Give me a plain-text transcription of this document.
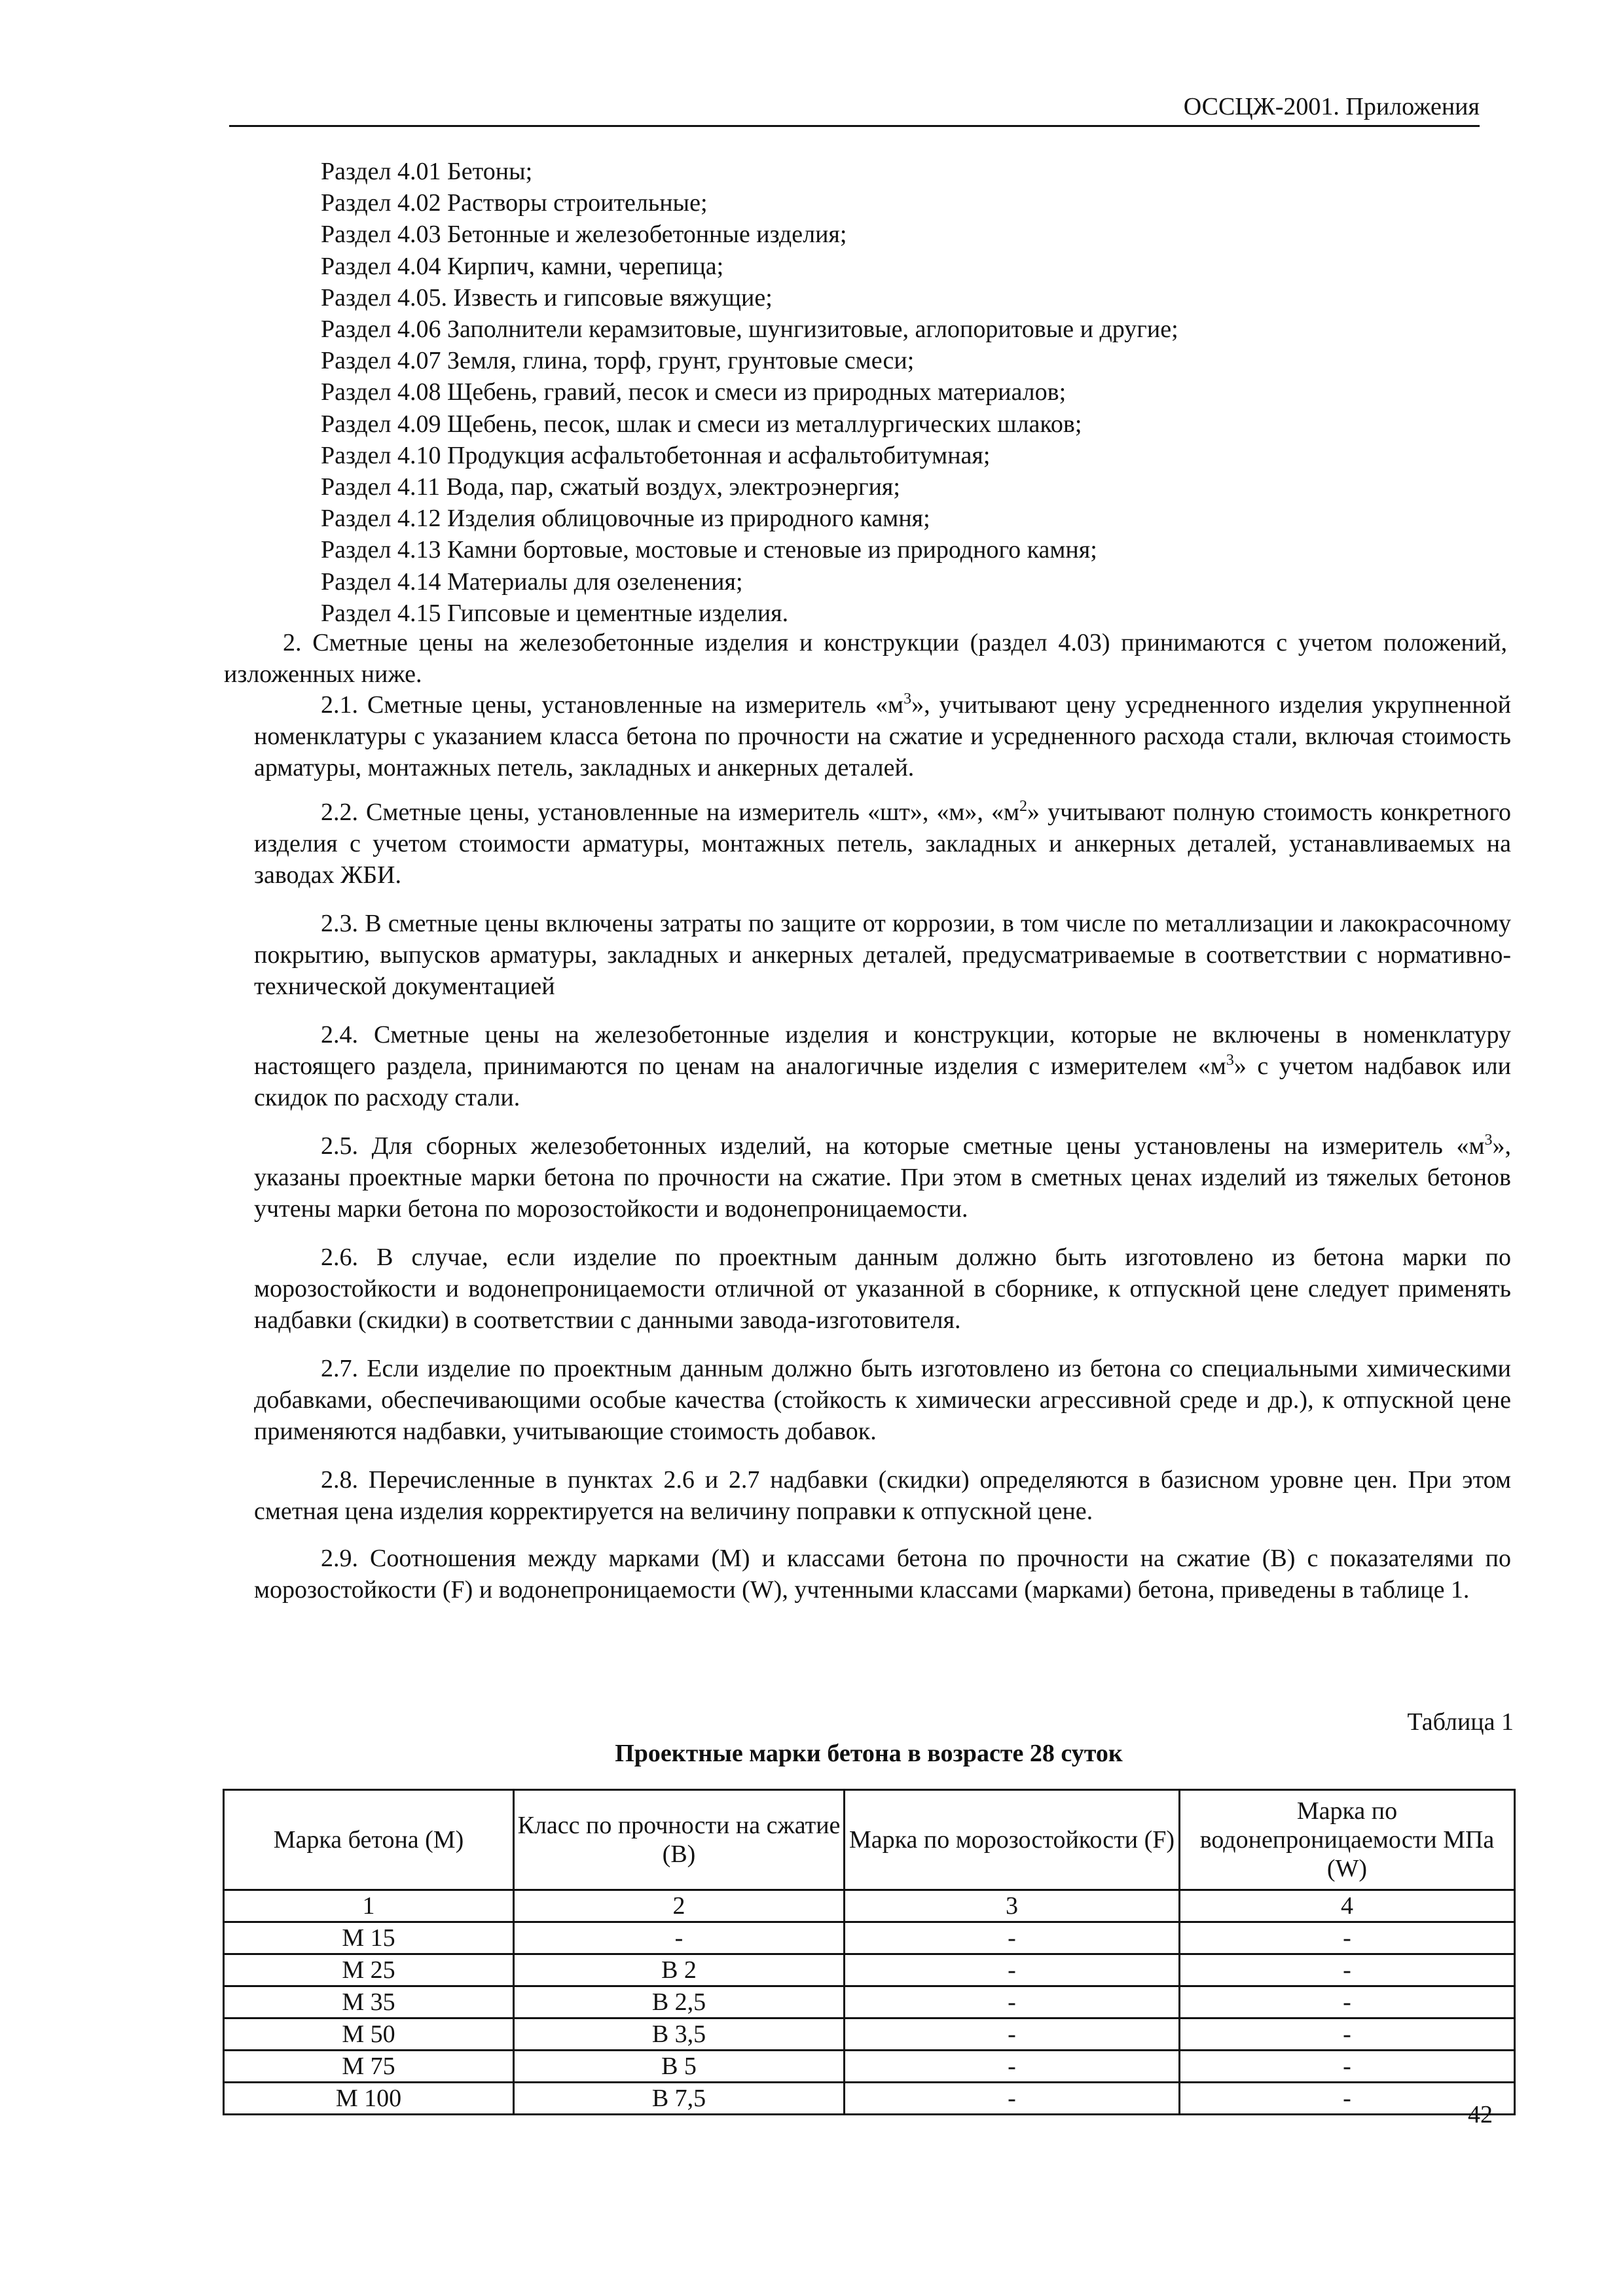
ОССЦЖ-2001. Приложения
Раздел 4.01 Бетоны;
Раздел 4.02 Растворы строительные;
Раздел 4.03 Бетонные и железобетонные изделия;
Раздел 4.04 Кирпич, камни, черепица;
Раздел 4.05. Известь и гипсовые вяжущие;
Раздел 4.06 Заполнители керамзитовые, шунгизитовые, аглопоритовые и другие;
Раздел 4.07 Земля, глина, торф, грунт, грунтовые смеси;
Раздел 4.08 Щебень, гравий, песок и смеси из природных материалов;
Раздел 4.09 Щебень, песок, шлак и смеси из металлургических шлаков;
Раздел 4.10 Продукция асфальтобетонная и асфальтобитумная;
Раздел 4.11 Вода, пар, сжатый воздух, электроэнергия;
Раздел 4.12 Изделия облицовочные из природного камня;
Раздел 4.13 Камни бортовые, мостовые и стеновые из природного камня;
Раздел 4.14 Материалы для озеленения;
Раздел 4.15 Гипсовые и цементные изделия.
2. Сметные цены на железобетонные изделия и конструкции (раздел 4.03) принимаются с учетом положений, изложенных ниже.
2.1. Сметные цены, установленные на измеритель «$м^3$», учитывают цену усредненного изделия укрупненной номенклатуры с указанием класса бетона по прочности на сжатие и усредненного расхода стали, включая стоимость арматуры, монтажных петель, закладных и анкерных деталей.
2.2. Сметные цены, установленные на измеритель «шт», «м», «$м^2$» учитывают полную стоимость конкретного изделия с учетом стоимости арматуры, монтажных петель, закладных и анкерных деталей, устанавливаемых на заводах ЖБИ.
2.3. В сметные цены включены затраты по защите от коррозии, в том числе по металлизации и лакокрасочному покрытию, выпусков арматуры, закладных и анкерных деталей, предусматриваемые в соответствии с нормативно-технической документацией
2.4. Сметные цены на железобетонные изделия и конструкции, которые не включены в номенклатуру настоящего раздела, принимаются по ценам на аналогичные изделия с измерителем «$м^3$» с учетом надбавок или скидок по расходу стали.
2.5. Для сборных железобетонных изделий, на которые сметные цены установлены на измеритель «$м^3$», указаны проектные марки бетона по прочности на сжатие. При этом в сметных ценах изделий из тяжелых бетонов учтены марки бетона по морозостойкости и водонепроницаемости.
2.6. В случае, если изделие по проектным данным должно быть изготовлено из бетона марки по морозостойкости и водонепроницаемости отличной от указанной в сборнике, к отпускной цене следует применять надбавки (скидки) в соответствии с данными завода-изготовителя.
2.7. Если изделие по проектным данным должно быть изготовлено из бетона со специальными химическими добавками, обеспечивающими особые качества (стойкость к химически агрессивной среде и др.), к отпускной цене применяются надбавки, учитывающие стоимость добавок.
2.8. Перечисленные в пунктах 2.6 и 2.7 надбавки (скидки) определяются в базисном уровне цен. При этом сметная цена изделия корректируется на величину поправки к отпускной цене.
2.9. Соотношения между марками (М) и классами бетона по прочности на сжатие (В) с показателями по морозостойкости (F) и водонепроницаемости (W), учтенными классами (марками) бетона, приведены в таблице 1.
Таблица 1
Проектные марки бетона в возрасте 28 суток
Марка бетона (М)	Класс по прочности на сжатие (В)	Марка по морозостойкости (F)	Марка по водонепроницаемости МПа (W)
1	2	3	4
М 15	-	-	-
М 25	В 2	-	-
М 35	В 2,5	-	-
М 50	В 3,5	-	-
М 75	В 5	-	-
М 100	В 7,5	-	-
42
